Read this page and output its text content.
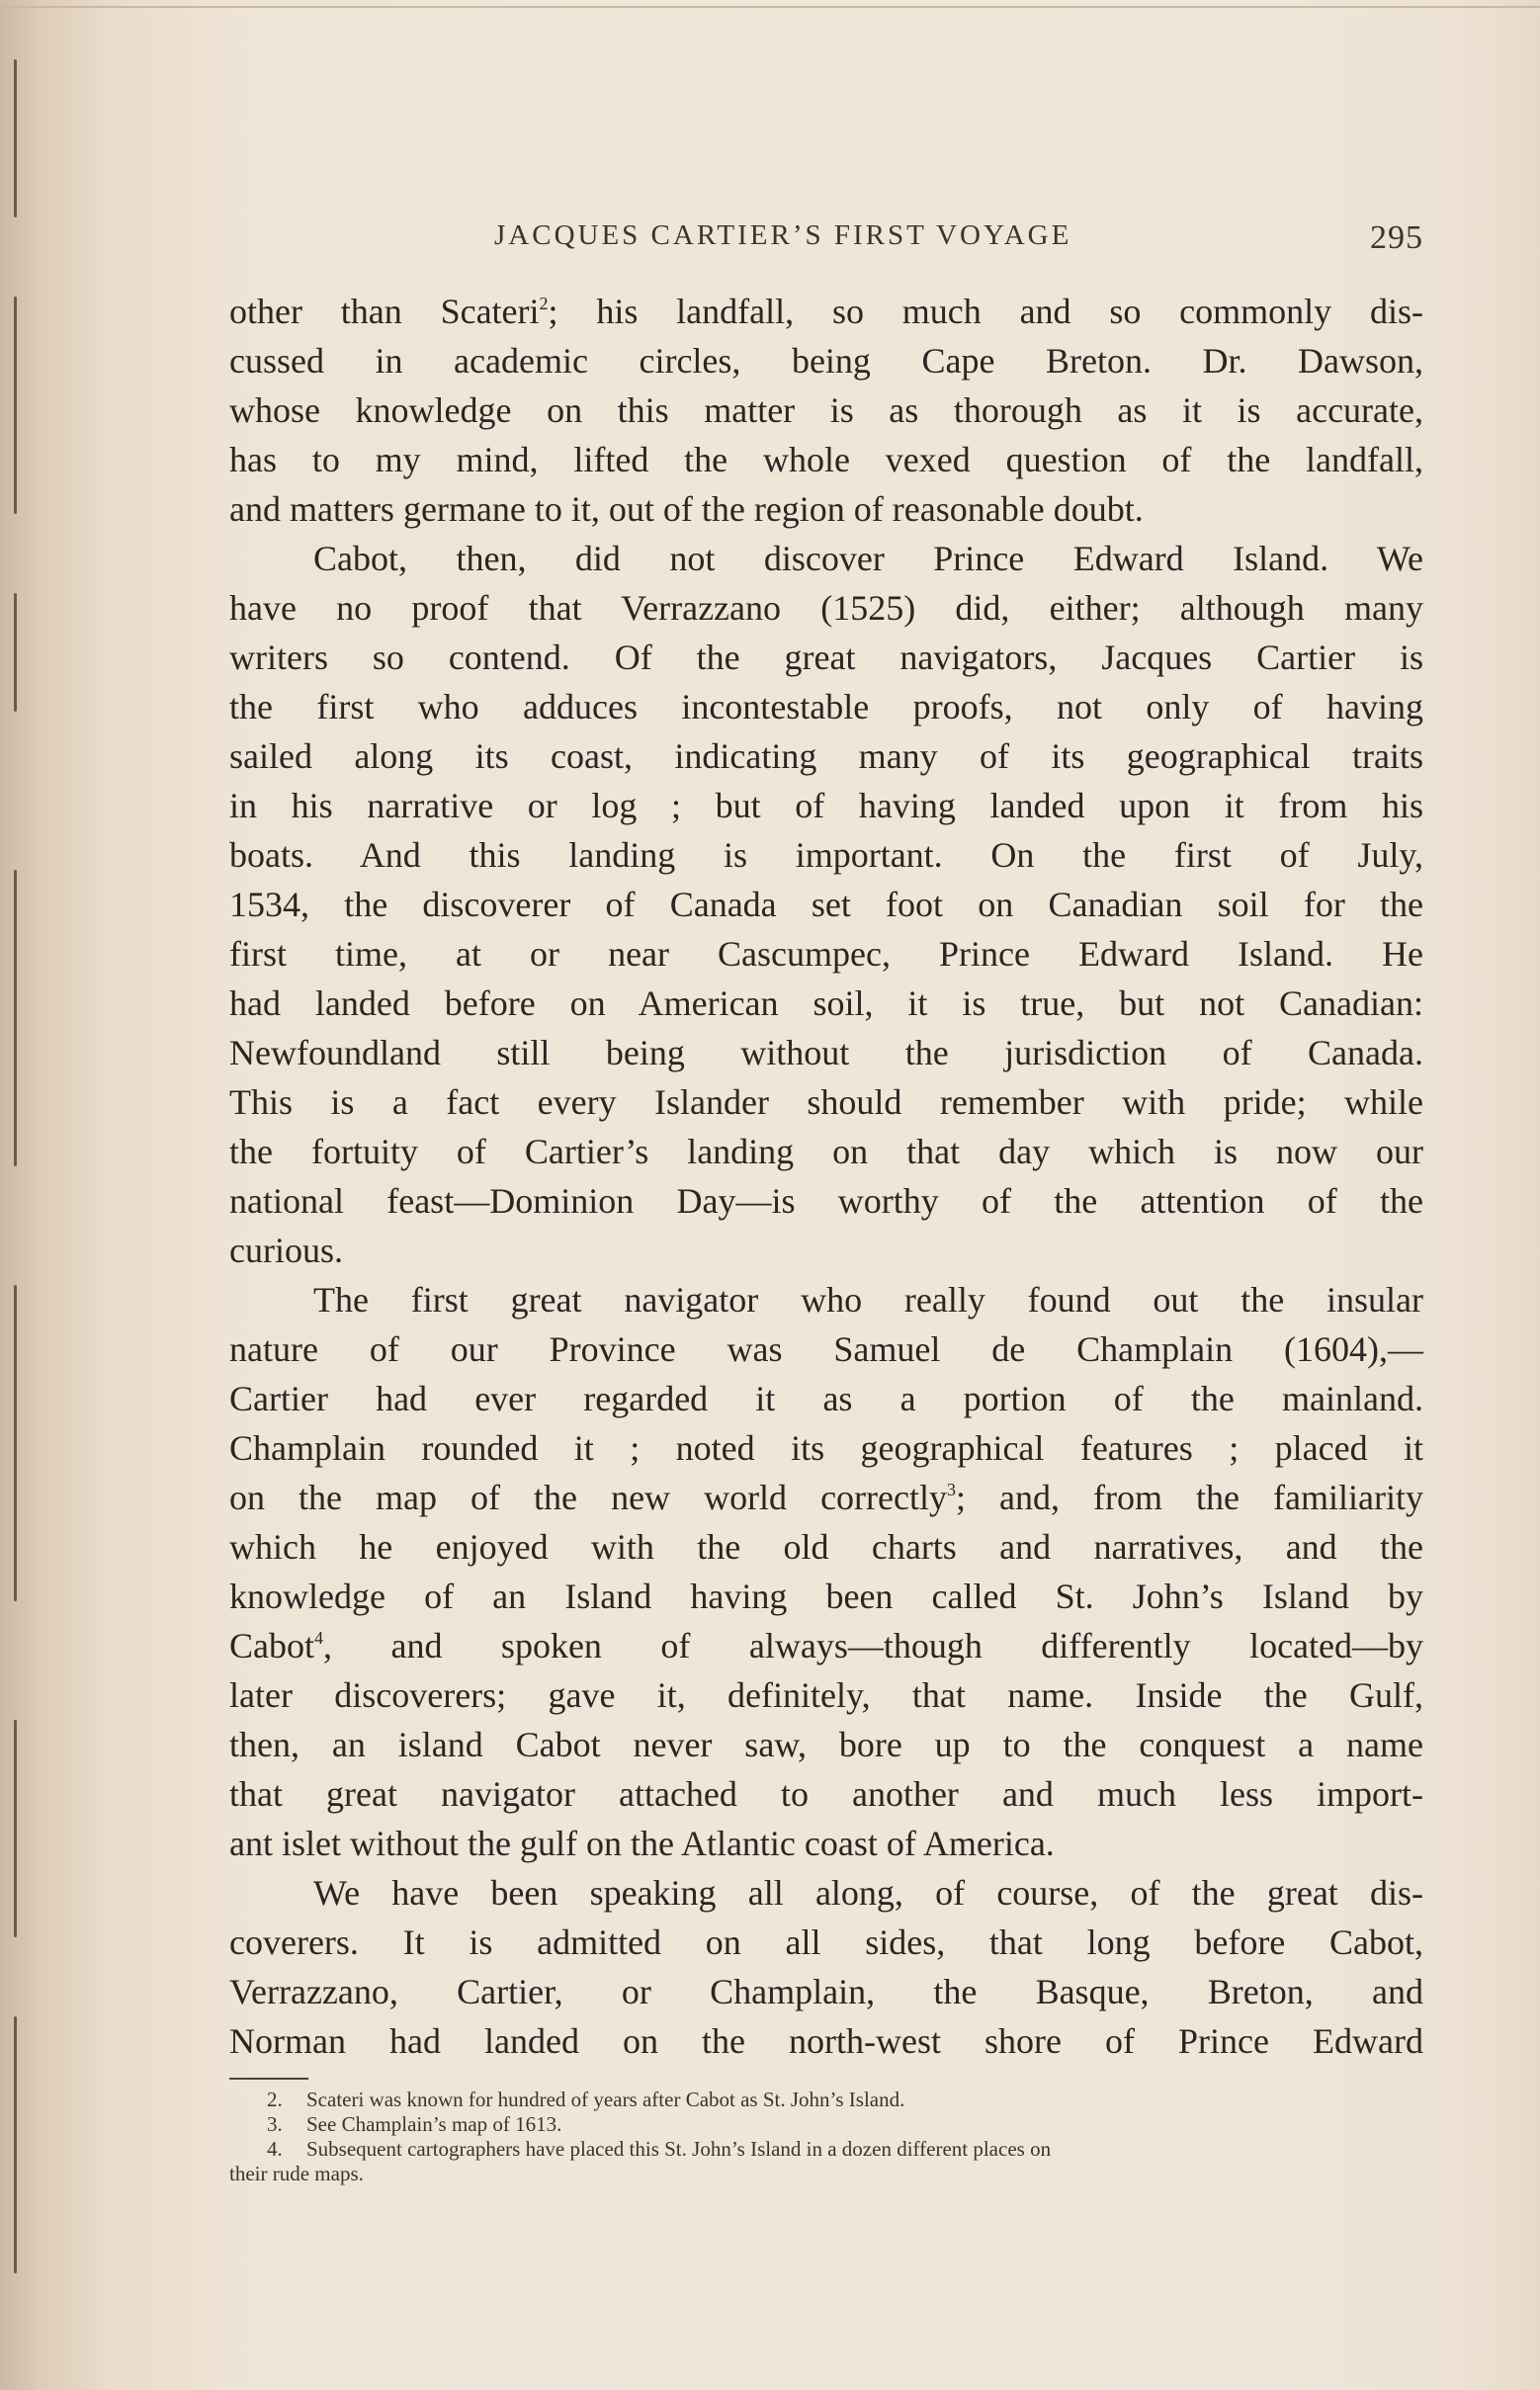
JACQUES CARTIER’S FIRST VOYAGE	295
other than Scateri$^2$; his landfall, so much and so commonly dis-
cussed in academic circles, being Cape Breton. Dr. Dawson,
whose knowledge on this matter is as thorough as it is accurate,
has to my mind, lifted the whole vexed question of the landfall,
and matters germane to it, out of the region of reasonable doubt.
Cabot, then, did not discover Prince Edward Island. We
have no proof that Verrazzano (1525) did, either; although many
writers so contend. Of the great navigators, Jacques Cartier is
the first who adduces incontestable proofs, not only of having
sailed along its coast, indicating many of its geographical traits
in his narrative or log ; but of having landed upon it from his
boats. And this landing is important. On the first of July,
1534, the discoverer of Canada set foot on Canadian soil for the
first time, at or near Cascumpec, Prince Edward Island. He
had landed before on American soil, it is true, but not Canadian:
Newfoundland still being without the jurisdiction of Canada.
This is a fact every Islander should remember with pride; while
the fortuity of Cartier’s landing on that day which is now our
national feast—Dominion Day—is worthy of the attention of the
curious.
The first great navigator who really found out the insular
nature of our Province was Samuel de Champlain (1604),—
Cartier had ever regarded it as a portion of the mainland.
Champlain rounded it ; noted its geographical features ; placed it
on the map of the new world correctly$^3$; and, from the familiarity
which he enjoyed with the old charts and narratives, and the
knowledge of an Island having been called St. John’s Island by
Cabot$^4$, and spoken of always—though differently located—by
later discoverers; gave it, definitely, that name. Inside the Gulf,
then, an island Cabot never saw, bore up to the conquest a name
that great navigator attached to another and much less import-
ant islet without the gulf on the Atlantic coast of America.
We have been speaking all along, of course, of the great dis-
coverers. It is admitted on all sides, that long before Cabot,
Verrazzano, Cartier, or Champlain, the Basque, Breton, and
Norman had landed on the north-west shore of Prince Edward
2. Scateri was known for hundred of years after Cabot as St. John’s Island.
3. See Champlain’s map of 1613.
4. Subsequent cartographers have placed this St. John’s Island in a dozen different places on
their rude maps.
